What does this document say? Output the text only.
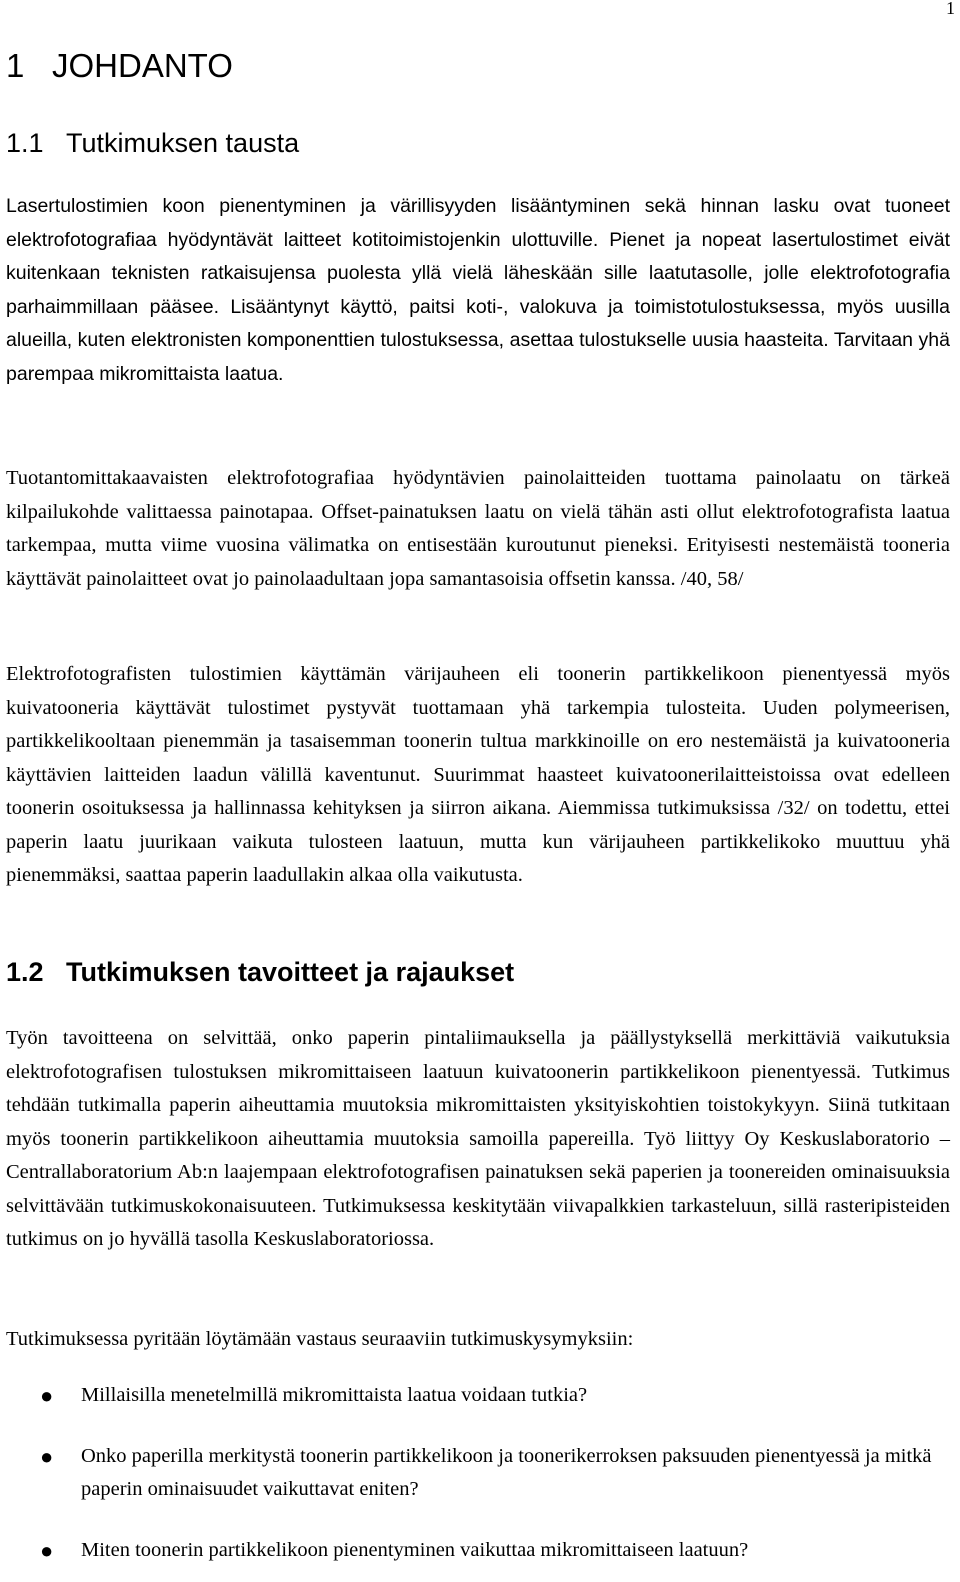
1

1 JOHDANTO
1.1 Tutkimuksen tausta

Lasertulostimien koon pienentyminen ja värillisyyden lisääntyminen sekä hinnan lasku ovat tuoneet elektrofotografiaa hyödyntävät laitteet kotitoimistojenkin ulottuville. Pienet ja nopeat lasertulostimet eivät kuitenkaan teknisten ratkaisujensa puolesta yllä vielä läheskään sille laatutasolle, jolle elektrofotografia parhaimmillaan pääsee. Lisääntynyt käyttö, paitsi koti-, valokuva ja toimistotulostuksessa, myös uusilla alueilla, kuten elektronisten komponenttien tulostuksessa, asettaa tulostukselle uusia haasteita. Tarvitaan yhä parempaa mikromittaista laatua.

Tuotantomittakaavaisten elektrofotografiaa hyödyntävien painolaitteiden tuottama painolaatu on tärkeä kilpailukohde valittaessa painotapaa. Offset-painatuksen laatu on vielä tähän asti ollut elektrofotografista laatua tarkempaa, mutta viime vuosina välimatka on entisestään kuroutunut pieneksi. Erityisesti nestemäistä tooneria käyttävät painolaitteet ovat jo painolaadultaan jopa samantasoisia offsetin kanssa. /40, 58/

Elektrofotografisten tulostimien käyttämän värijauheen eli toonerin partikkelikoon pienentyessä myös kuivatooneria käyttävät tulostimet pystyvät tuottamaan yhä tarkempia tulosteita. Uuden polymeerisen, partikkelikooltaan pienemmän ja tasaisemman toonerin tultua markkinoille on ero nestemäistä ja kuivatooneria käyttävien laitteiden laadun välillä kaventunut. Suurimmat haasteet kuivatoonerilaitteistoissa ovat edelleen toonerin osoituksessa ja hallinnassa kehityksen ja siirron aikana. Aiemmissa tutkimuksissa /32/ on todettu, ettei paperin laatu juurikaan vaikuta tulosteen laatuun, mutta kun värijauheen partikkelikoko muuttuu yhä pienemmäksi, saattaa paperin laadullakin alkaa olla vaikutusta.

1.2 Tutkimuksen tavoitteet ja rajaukset

Työn tavoitteena on selvittää, onko paperin pintaliimauksella ja päällystyksellä merkittäviä vaikutuksia elektrofotografisen tulostuksen mikromittaiseen laatuun kuivatoonerin partikkelikoon pienentyessä. Tutkimus tehdään tutkimalla paperin aiheuttamia muutoksia mikromittaisten yksityiskohtien toistokykyyn. Siinä tutkitaan myös toonerin partikkelikoon aiheuttamia muutoksia samoilla papereilla. Työ liittyy Oy Keskuslaboratorio – Centrallaboratorium Ab:n laajempaan elektrofotografisen painatuksen sekä paperien ja toonereiden ominaisuuksia selvittävään tutkimuskokonaisuuteen. Tutkimuksessa keskitytään viivapalkkien tarkasteluun, sillä rasteripisteiden tutkimus on jo hyvällä tasolla Keskuslaboratoriossa.

Tutkimuksessa pyritään löytämään vastaus seuraaviin tutkimuskysymyksiin:

● Millaisilla menetelmillä mikromittaista laatua voidaan tutkia?
● Onko paperilla merkitystä toonerin partikkelikoon ja toonerikerroksen paksuuden pienentyessä ja mitkä paperin ominaisuudet vaikuttavat eniten?
● Miten toonerin partikkelikoon pienentyminen vaikuttaa mikromittaiseen laatuun?
